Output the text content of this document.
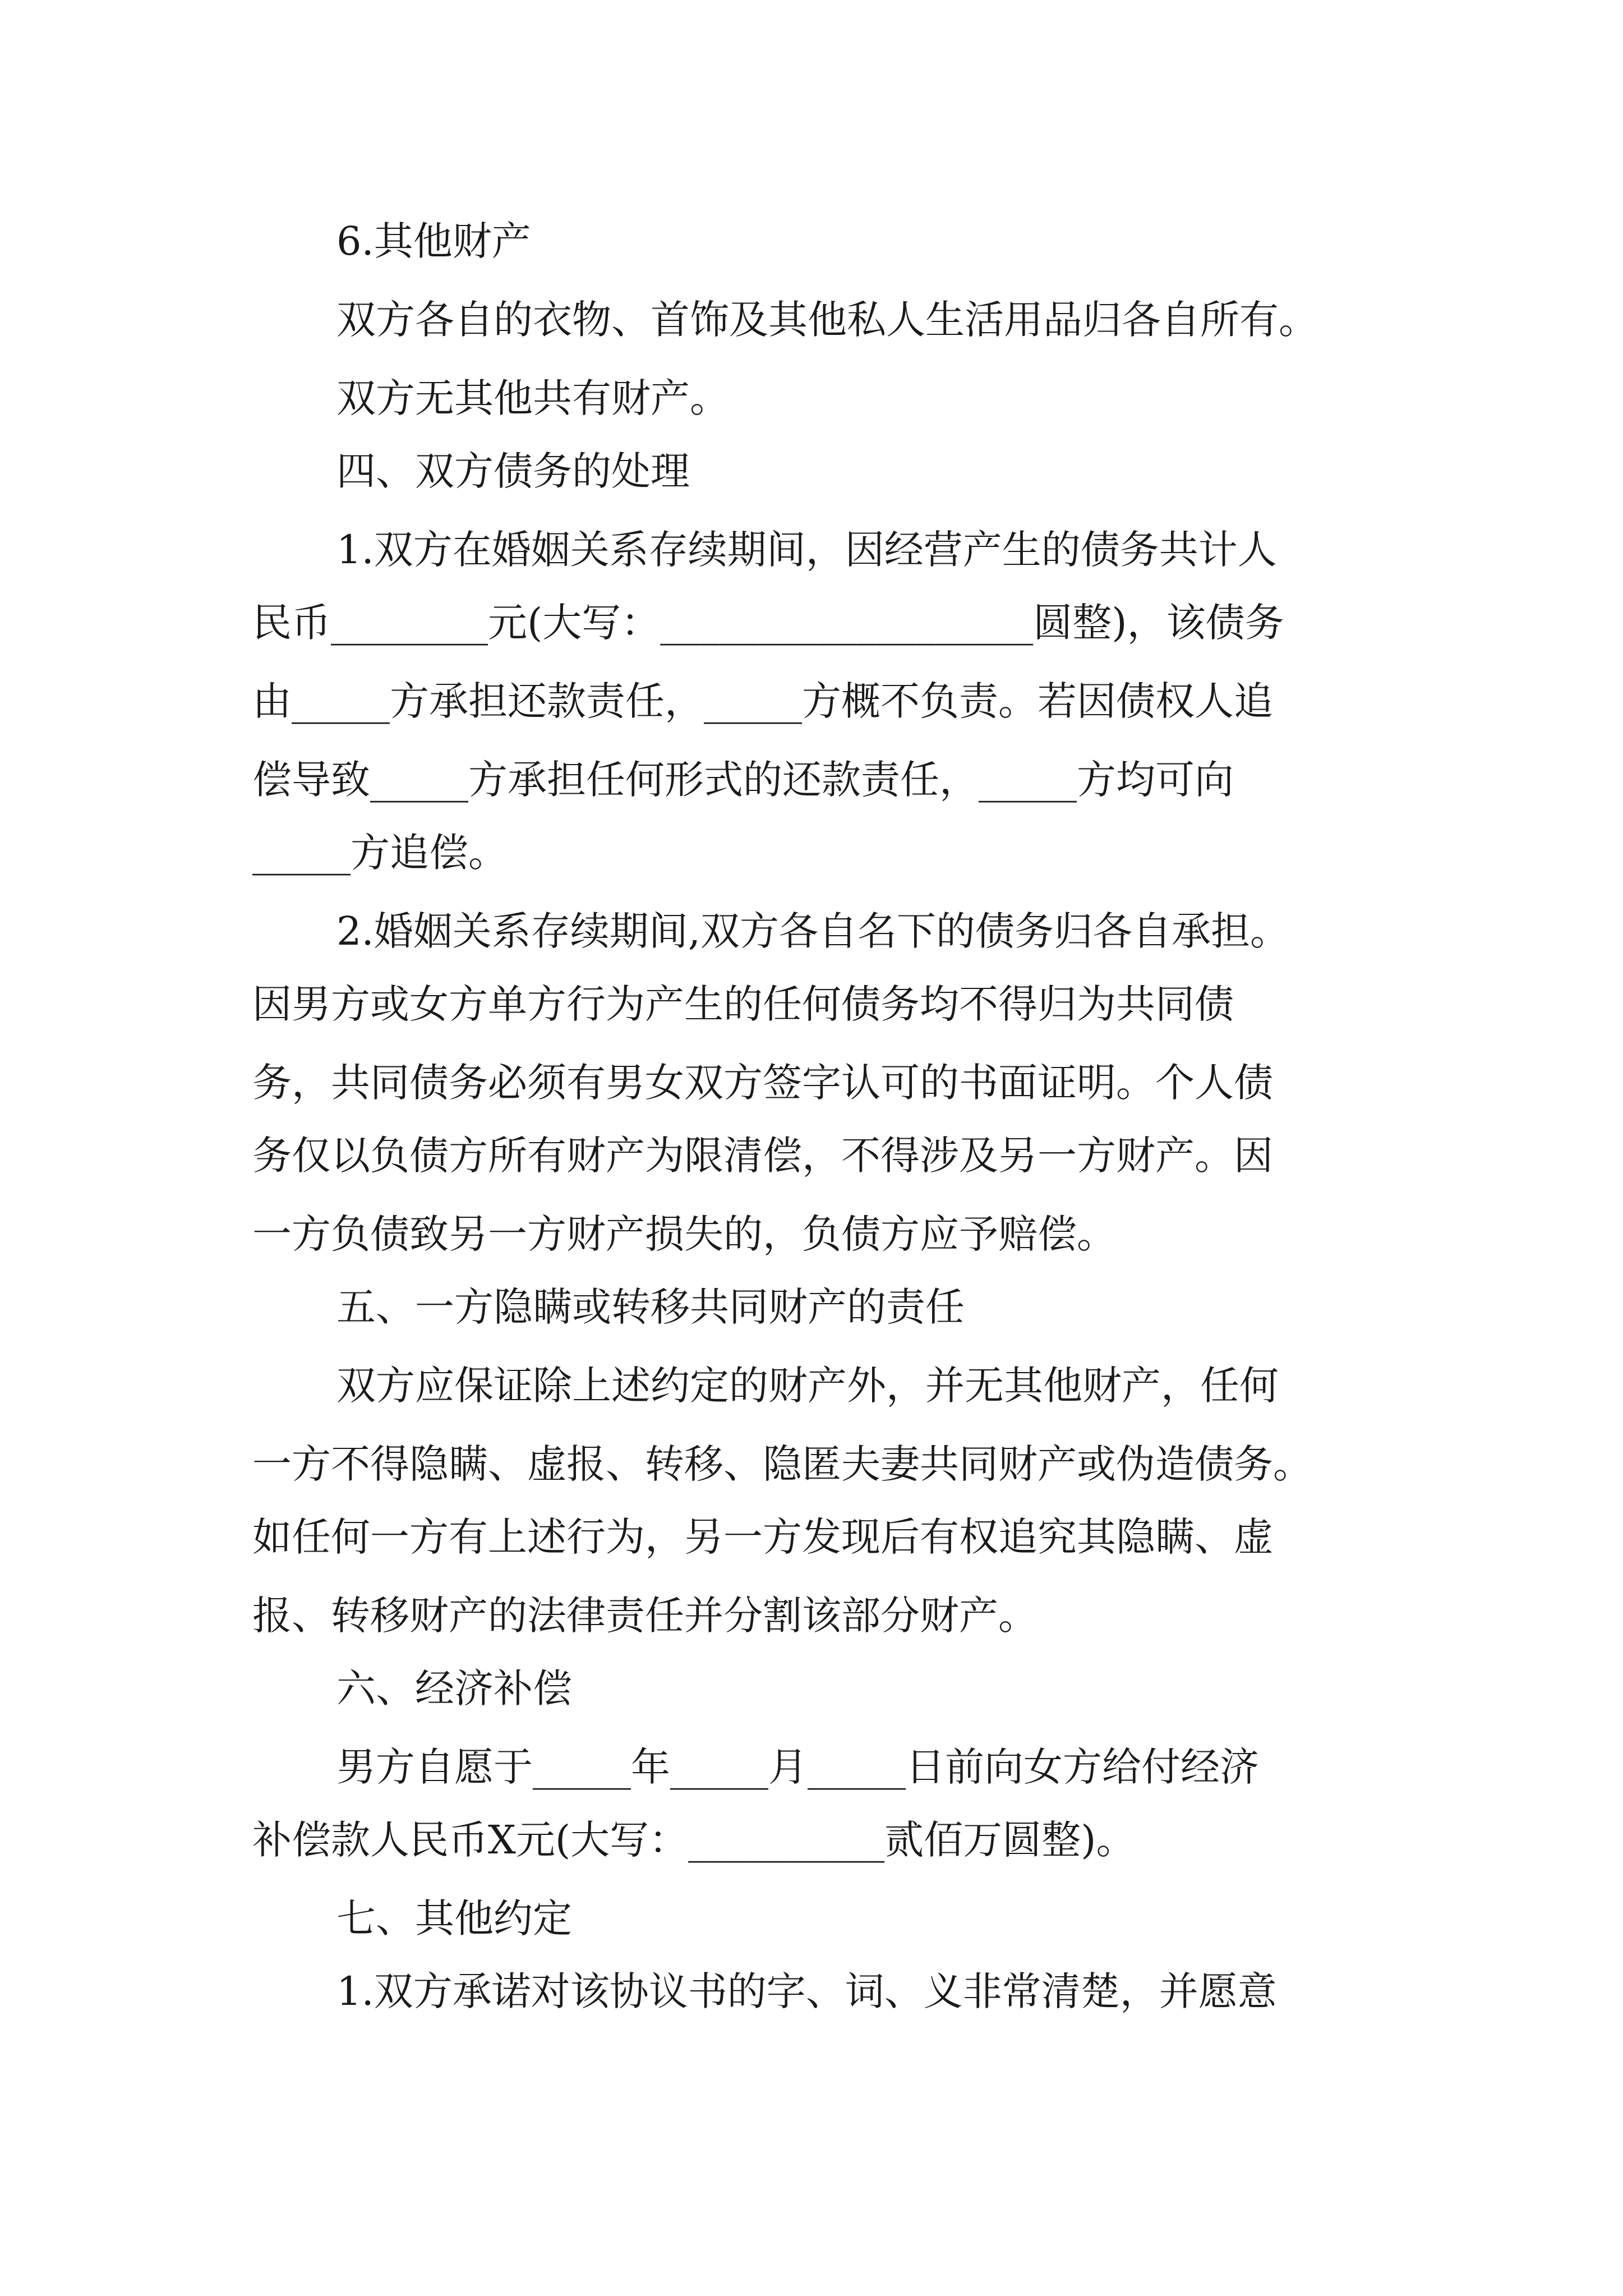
6.其他财产
双方各自的衣物、首饰及其他私人生活用品归各自所有。
双方无其他共有财产。
四、双方债务的处理
1.双方在婚姻关系存续期间，因经营产生的债务共计人
民币________元(大写：___________________圆整)，该债务
由_____方承担还款责任，_____方概不负责。若因债权人追
偿导致_____方承担任何形式的还款责任，_____方均可向
_____方追偿。
2.婚姻关系存续期间,双方各自名下的债务归各自承担。
因男方或女方单方行为产生的任何债务均不得归为共同债
务，共同债务必须有男女双方签字认可的书面证明。个人债
务仅以负债方所有财产为限清偿，不得涉及另一方财产。因
一方负债致另一方财产损失的，负债方应予赔偿。
五、一方隐瞒或转移共同财产的责任
双方应保证除上述约定的财产外，并无其他财产，任何
一方不得隐瞒、虚报、转移、隐匿夫妻共同财产或伪造债务。
如任何一方有上述行为，另一方发现后有权追究其隐瞒、虚
报、转移财产的法律责任并分割该部分财产。
六、经济补偿
男方自愿于_____年_____月_____日前向女方给付经济
补偿款人民币X元(大写：__________贰佰万圆整)。
七、其他约定
1.双方承诺对该协议书的字、词、义非常清楚，并愿意
